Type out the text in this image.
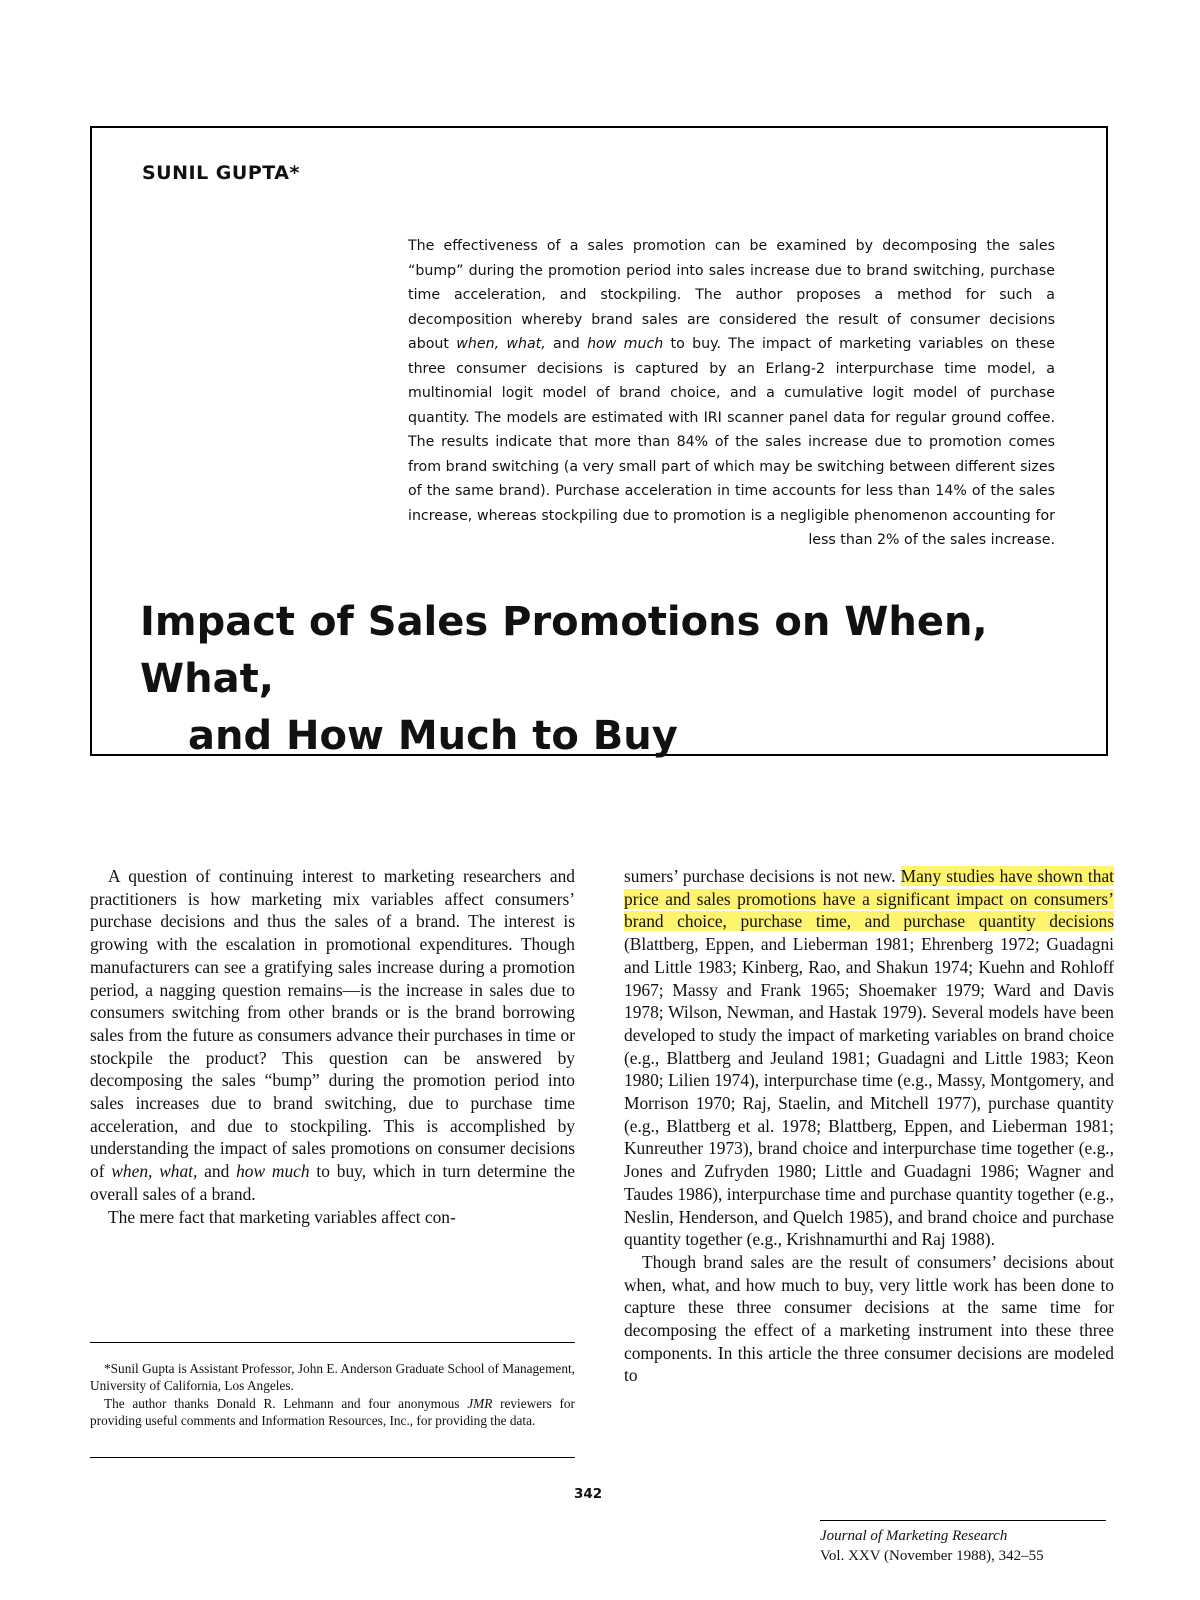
SUNIL GUPTA*
The effectiveness of a sales promotion can be examined by decomposing the sales “bump” during the promotion period into sales increase due to brand switching, purchase time acceleration, and stockpiling. The author proposes a method for such a decomposition whereby brand sales are considered the result of consumer decisions about when, what, and how much to buy. The impact of marketing variables on these three consumer decisions is captured by an Erlang-2 interpurchase time model, a multinomial logit model of brand choice, and a cumulative logit model of purchase quantity. The models are estimated with IRI scanner panel data for regular ground coffee. The results indicate that more than 84% of the sales increase due to promotion comes from brand switching (a very small part of which may be switching between different sizes of the same brand). Purchase acceleration in time accounts for less than 14% of the sales increase, whereas stockpiling due to promotion is a negligible phenomenon accounting for less than 2% of the sales increase.
Impact of Sales Promotions on When, What,
and How Much to Buy

A question of continuing interest to marketing researchers and practitioners is how marketing mix variables affect consumers’ purchase decisions and thus the sales of a brand. The interest is growing with the escalation in promotional expenditures. Though manufacturers can see a gratifying sales increase during a promotion period, a nagging question remains—is the increase in sales due to consumers switching from other brands or is the brand borrowing sales from the future as consumers advance their purchases in time or stockpile the product? This question can be answered by decomposing the sales “bump” during the promotion period into sales increases due to brand switching, due to purchase time acceleration, and due to stockpiling. This is accomplished by understanding the impact of sales promotions on consumer decisions of when, what, and how much to buy, which in turn determine the overall sales of a brand.

The mere fact that marketing variables affect con-

sumers’ purchase decisions is not new. Many studies have shown that price and sales promotions have a significant impact on consumers’ brand choice, purchase time, and purchase quantity decisions (Blattberg, Eppen, and Lieberman 1981; Ehrenberg 1972; Guadagni and Little 1983; Kinberg, Rao, and Shakun 1974; Kuehn and Rohloff 1967; Massy and Frank 1965; Shoemaker 1979; Ward and Davis 1978; Wilson, Newman, and Hastak 1979). Several models have been developed to study the impact of marketing variables on brand choice (e.g., Blattberg and Jeuland 1981; Guadagni and Little 1983; Keon 1980; Lilien 1974), interpurchase time (e.g., Massy, Montgomery, and Morrison 1970; Raj, Staelin, and Mitchell 1977), purchase quantity (e.g., Blattberg et al. 1978; Blattberg, Eppen, and Lieberman 1981; Kunreuther 1973), brand choice and interpurchase time together (e.g., Jones and Zufryden 1980; Little and Guadagni 1986; Wagner and Taudes 1986), interpurchase time and purchase quantity together (e.g., Neslin, Henderson, and Quelch 1985), and brand choice and purchase quantity together (e.g., Krishnamurthi and Raj 1988).

Though brand sales are the result of consumers’ decisions about when, what, and how much to buy, very little work has been done to capture these three consumer decisions at the same time for decomposing the effect of a marketing instrument into these three components. In this article the three consumer decisions are modeled to

*Sunil Gupta is Assistant Professor, John E. Anderson Graduate School of Management, University of California, Los Angeles.

The author thanks Donald R. Lehmann and four anonymous JMR reviewers for providing useful comments and Information Resources, Inc., for providing the data.

342
Journal of Marketing Research
Vol. XXV (November 1988), 342–55
